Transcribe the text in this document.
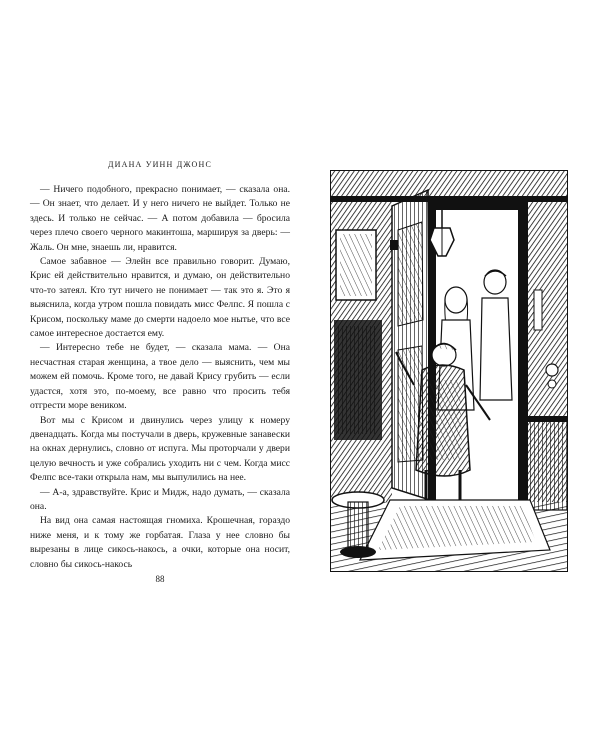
ДИАНА УИНН ДЖОНС

— Ничего подобного, прекрасно понимает, — сказала она. — Он знает, что делает. И у него ничего не выйдет. Только не здесь. И только не сейчас. — А потом добавила — бросила через плечо своего черного макинтоша, маршируя за дверь: — Жаль. Он мне, знаешь ли, нравится.

Самое забавное — Элейн все правильно говорит. Думаю, Крис ей действительно нравится, и думаю, он действительно что-то затеял. Кто тут ничего не понимает — так это я. Это я выяснила, когда утром пошла повидать мисс Фелпс. Я пошла с Крисом, поскольку маме до смерти надоело мое нытье, что все самое интересное достается ему.

— Интересно тебе не будет, — сказала мама. — Она несчастная старая женщина, а твое дело — выяснить, чем мы можем ей помочь. Кроме того, не давай Крису грубить — если удастся, хотя это, по-моему, все равно что просить тебя отгрести море веником.

Вот мы с Крисом и двинулись через улицу к номеру двенадцать. Когда мы постучали в дверь, кружевные занавески на окнах дернулись, словно от испуга. Мы проторчали у двери целую вечность и уже собрались уходить ни с чем. Когда мисс Фелпс все-таки открыла нам, мы выпулились на нее.

— А-а, здравствуйте. Крис и Мидж, надо думать, — сказала она.

На вид она самая настоящая гномиха. Крошечная, гораздо ниже меня, и к тому же горбатая. Глаза у нее словно бы вырезаны в лице сикось-накось, а очки, которые она носит, словно бы сикось-накось

88
